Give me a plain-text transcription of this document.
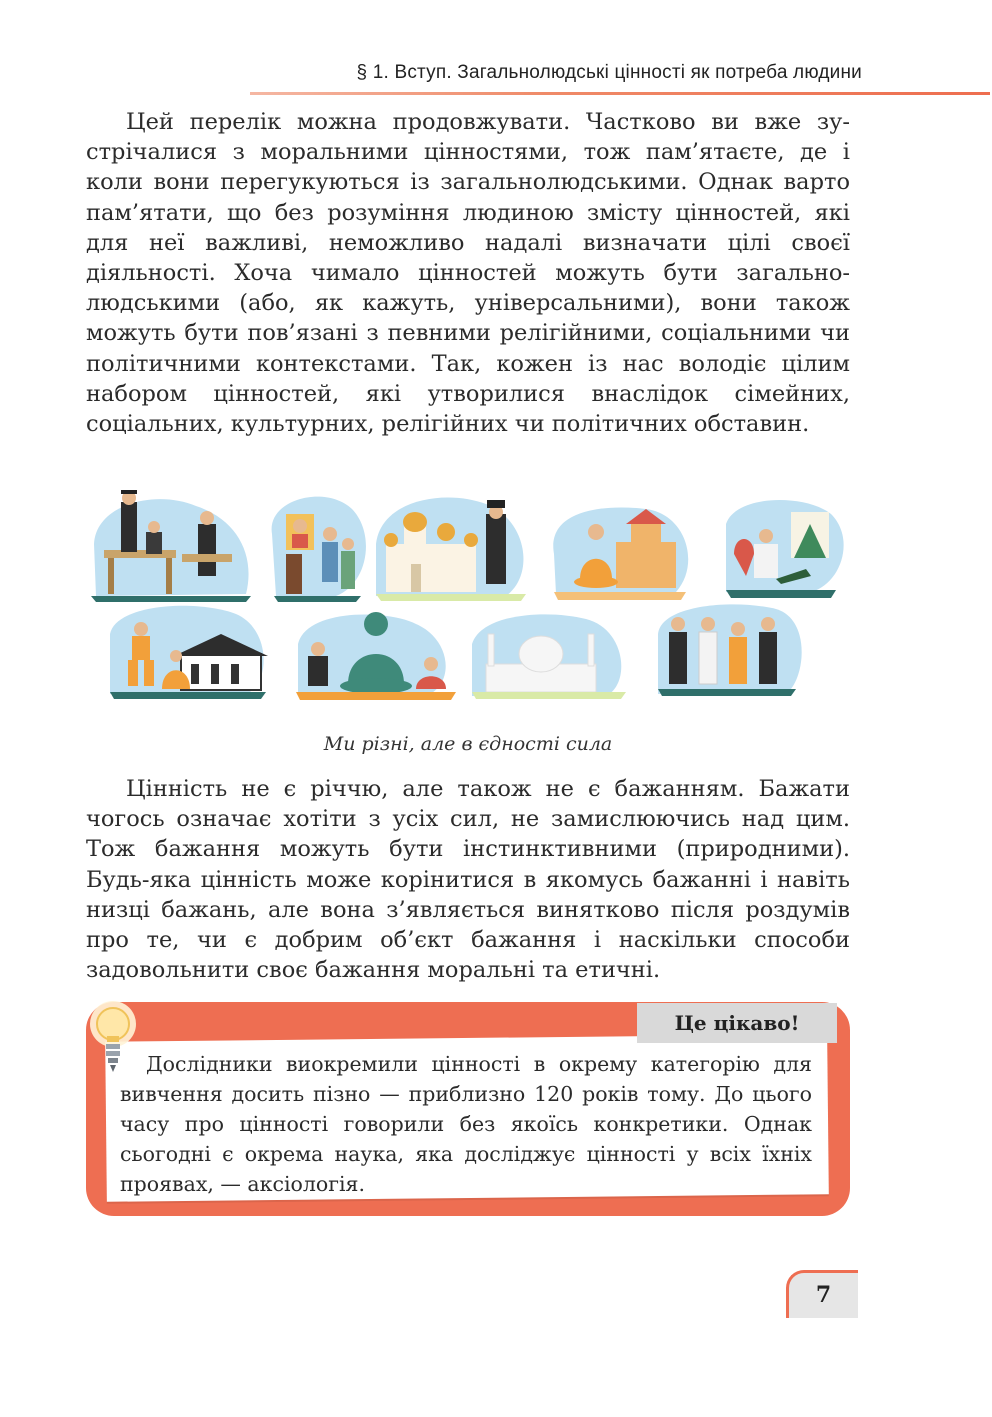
§ 1. Вступ. Загальнолюдські цінності як потреба людини

Цей перелік можна продовжувати. Частково ви вже зустрічалися з моральними цінностями, тож пам’ятаєте, де і коли вони перегукуються із загальнолюдськими. Однак варто пам’ятати, що без розуміння людиною змісту цінностей, які для неї важливі, неможливо надалі визначати цілі своєї діяльності. Хоча чимало цінностей можуть бути загальнолюдськими (або, як кажуть, універсальними), вони також можуть бути пов’язані з певними релігійними, соціальними чи політичними контекстами. Так, кожен із нас володіє цілим набором цінностей, які утворилися внаслідок сімейних, соціальних, культурних, релігійних чи політичних обставин.

Ми різні, але в єдності сила

Цінність не є річчю, але також не є бажанням. Бажати чогось означає хотіти з усіх сил, не замислюючись над цим. Тож бажання можуть бути інстинктивними (природними). Будь-яка цінність може корінитися в якомусь бажанні і навіть низці бажань, але вона з’являється винятково після роздумів про те, чи є добрим об’єкт бажання і наскільки способи задовольнити своє бажання моральні та етичні.

Це цікаво!

Дослідники виокремили цінності в окрему категорію для вивчення досить пізно — приблизно 120 років тому. До цього часу про цінності говорили без якоїсь конкретики. Однак сьогодні є окрема наука, яка досліджує цінності у всіх їхніх проявах, — аксіологія.

7
